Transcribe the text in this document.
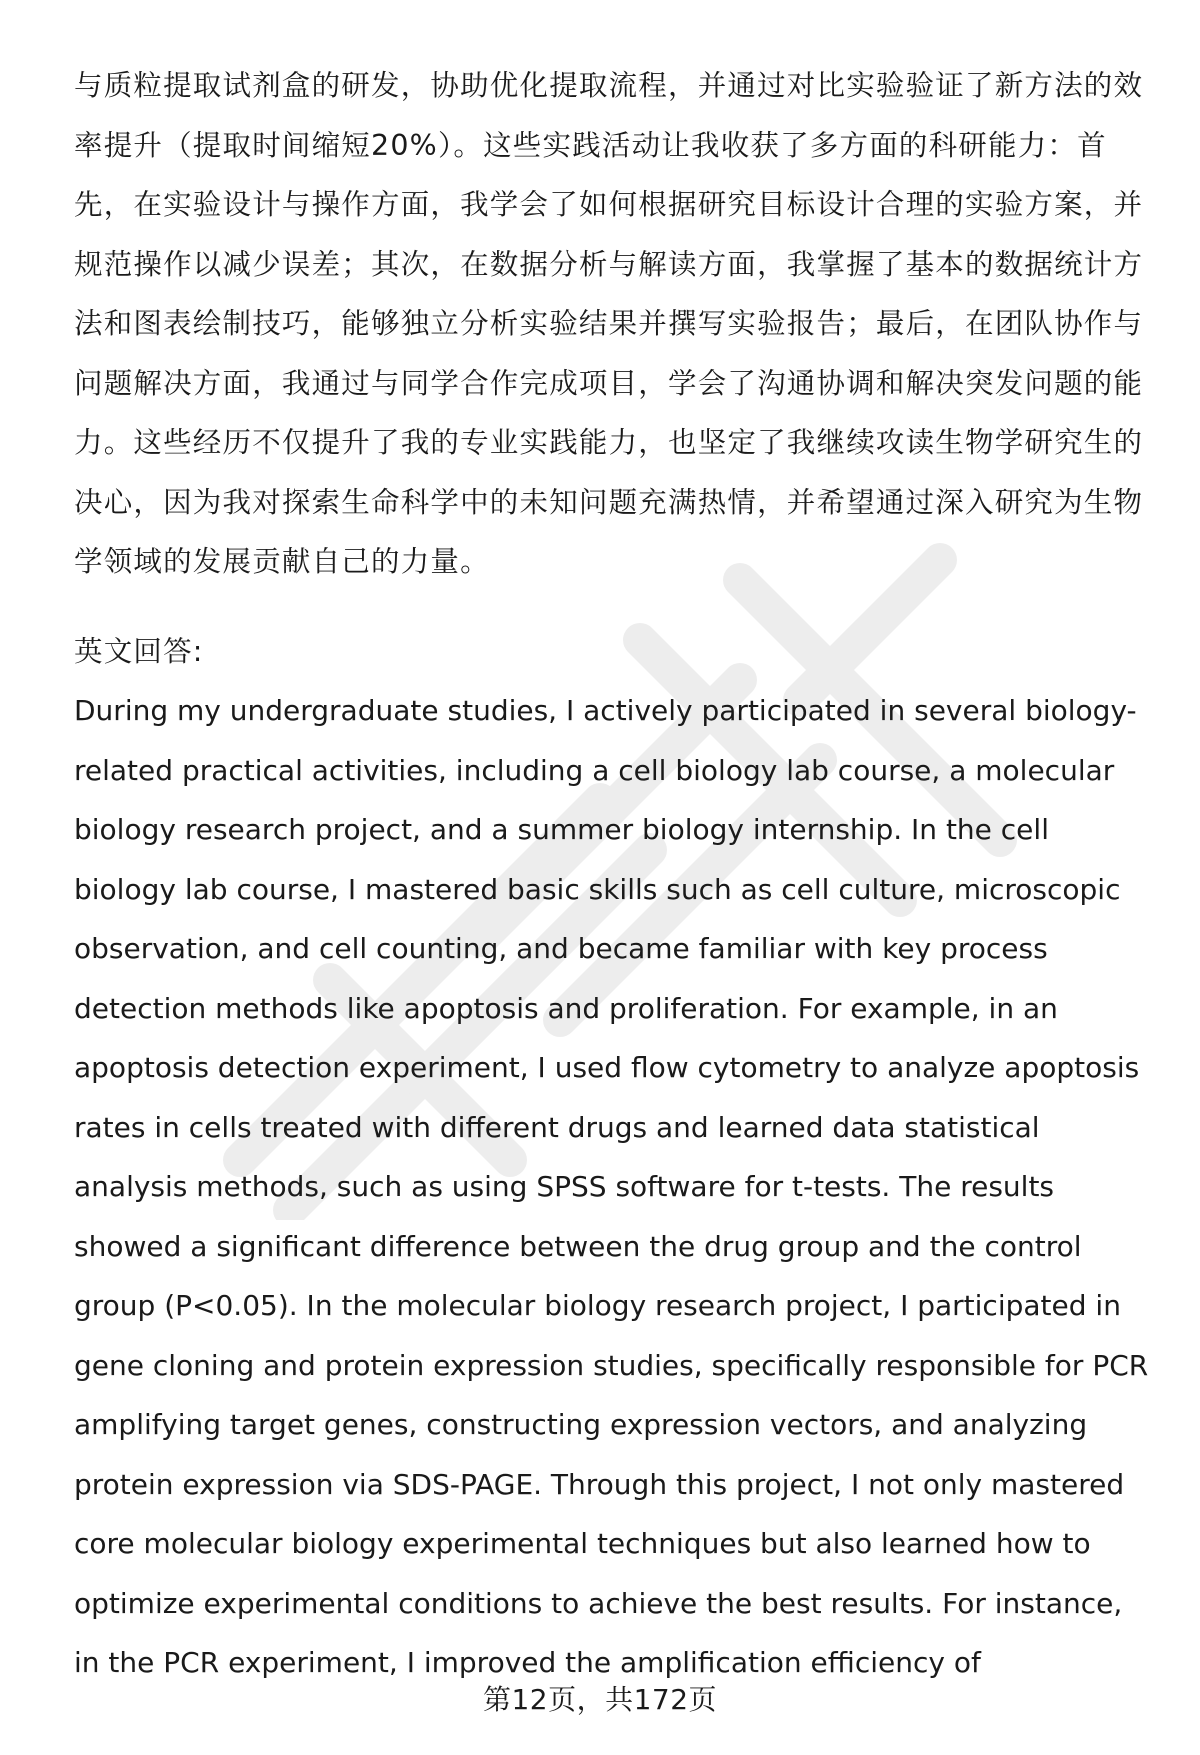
与质粒提取试剂盒的研发，协助优化提取流程，并通过对比实验验证了新方法的效率提升（提取时间缩短20%）。这些实践活动让我收获了多方面的科研能力：首先，在实验设计与操作方面，我学会了如何根据研究目标设计合理的实验方案，并规范操作以减少误差；其次，在数据分析与解读方面，我掌握了基本的数据统计方法和图表绘制技巧，能够独立分析实验结果并撰写实验报告；最后，在团队协作与问题解决方面，我通过与同学合作完成项目，学会了沟通协调和解决突发问题的能力。这些经历不仅提升了我的专业实践能力，也坚定了我继续攻读生物学研究生的决心，因为我对探索生命科学中的未知问题充满热情，并希望通过深入研究为生物学领域的发展贡献自己的力量。

英文回答:

During my undergraduate studies, I actively participated in several biology-related practical activities, including a cell biology lab course, a molecular biology research project, and a summer biology internship. In the cell biology lab course, I mastered basic skills such as cell culture, microscopic observation, and cell counting, and became familiar with key process detection methods like apoptosis and proliferation. For example, in an apoptosis detection experiment, I used flow cytometry to analyze apoptosis rates in cells treated with different drugs and learned data statistical analysis methods, such as using SPSS software for t-tests. The results showed a significant difference between the drug group and the control group (P<0.05). In the molecular biology research project, I participated in gene cloning and protein expression studies, specifically responsible for PCR amplifying target genes, constructing expression vectors, and analyzing protein expression via SDS-PAGE. Through this project, I not only mastered core molecular biology experimental techniques but also learned how to optimize experimental conditions to achieve the best results. For instance, in the PCR experiment, I improved the amplification efficiency of

第12页，共172页
